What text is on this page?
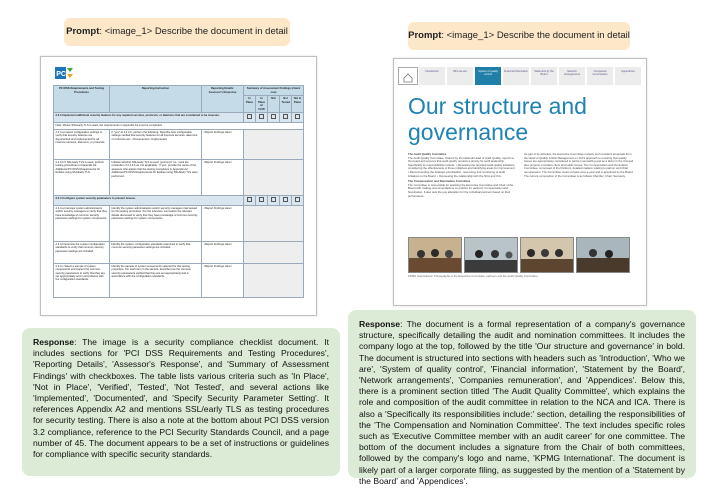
Prompt: <image_1> Describe the document in detail
PCI
PCI DSS Requirements and Testing Procedures	Reporting Instruction	Reporting Details: Assessor's Response	Summary of Assessment Findings (check one)				
			In Place	In Place w/ CCW	N/A	Not Tested	Not in Place
2.2.3 Implement additional security features for any required services, protocols, or daemons that are considered to be insecure.							
Note: Where SSL/early TLS is used, the requirements in Appendix A2 must be completed.							
2.2.3.a Inspect configuration settings to verify that security features are documented and implemented for all insecure services, daemons, or protocols.	If "yes" at 2.2.2.b, perform the following: Describe how configuration settings verified that security features for all insecure services, daemons, or protocols are: • Documented • Implemented	<Report Findings Here>					
2.2.3.b If SSL/early TLS is used, perform testing procedures in Appendix A2: Additional PCI DSS Requirements for Entities using SSL/Early TLS.	Indicate whether SSL/early TLS is used. (yes/no) If 'no,' mark the remainder of 2.2.3.b as 'not applicable.' If 'yes', provide the name of the assessor who attests that the testing procedures in Appendix A2: Additional PCI DSS Requirements for Entities using SSL/Early TLS were performed.	<Report Findings Here>					
2.2.4 Configure system security parameters to prevent misuse.							
2.2.4.a Interview system administrators and/or security managers to verify that they have knowledge of common security parameter settings for system components.	Identify the system administrators and/or security managers interviewed for this testing procedure. For the interview, summarize the relevant details discussed to verify that they have knowledge of common security parameter settings for system components.	<Report Findings Here>					
2.2.4.b Examine the system configuration standards to verify that common security parameter settings are included.	Identify the system configuration standards examined to verify that common security parameter settings are included.	<Report Findings Here>					
2.2.4.c Select a sample of system components and inspect the common security parameters to verify that they are set appropriately and in accordance with the configuration standards.	Identify the sample of system components selected for this testing procedure. For each item in the sample, describe how the common security parameters verified that they are set appropriately and in accordance with the configuration standards.	<Report Findings Here>					
Response: The image is a security compliance checklist document. It includes sections for 'PCI DSS Requirements and Testing Procedures', 'Reporting Details', 'Assessor's Response', and 'Summary of Assessment Findings' with checkboxes. The table lists various criteria such as 'In Place', 'Not in Place', 'Verified', 'Tested', 'Not Tested', and several actions like 'Implemented', 'Documented', and 'Specify Security Parameter Setting'. It references Appendix A2 and mentions SSL/early TLS as testing procedures for security testing. There is also a note at the bottom about PCI DSS version 3.2 compliance, reference to the PCI Security Standards Council, and a page number of 45. The document appears to be a set of instructions or guidelines for compliance with specific security standards.
Prompt: <image_1> Describe the document in detail
Introduction	Who we are	System of quality control
Financial information	Statement by the Board
Network arrangements
Companies remuneration
Appendices
Our structure and
governance
The Audit Quality Committee
The Audit Quality Committee, chaired by the National Head of Audit Quality, reports to the board and ensures that audit quality remains a priority for audit leadership. Specifically its responsibilities include: • Reviewing the principal audit quality initiatives, considering the effectiveness of those initiatives and identifying areas for improvement. • Recommending the strategic prioritisation, resourcing and monitoring of audit initiatives to the Board. • Overseeing the relationship with the NCA and ICA.
The Compensation and Nomination Committee
The Committee is responsible for assisting the Executive Committee and Chair of the Board with making recommendations on policies for partners' Compensation and Nomination. It also sets the pay allocation for the individual partners based on their performance.
As part of its activities, the Executive Committee reviews and considers proposals from the Head of Quality & Risk Management on ICA's approach to ensuring that quality issues are appropriately considered in partner counselling and as a factor in the ICA and also properly considers client and public issues. The Compensation and Nomination Committee, composed of the Partners, detailed matters relating to partner and Chair remuneration. The Committee meets at least once a year and is appointed by the Board. The current composition of the Committee is as follows: Member, Chair, Secretary.
KPMG International: Photographs of the Executive Committee, partners and the Audit Quality Committee.
Response: The document is a formal representation of a company's governance structure, specifically detailing the audit and nomination committees. It includes the company logo at the top, followed by the title 'Our structure and governance' in bold. The document is structured into sections with headers such as 'Introduction', 'Who we are', 'System of quality control', 'Financial information', 'Statement by the Board', 'Network arrangements', 'Companies remuneration', and 'Appendices'. Below this, there is a prominent section titled 'The Audit Quality Committee', which explains the role and composition of the audit committee in relation to the NCA and ICA. There is also a 'Specifically its responsibilities include:' section, detailing the responsibilities of the 'The Compensation and Nomination Committee'. The text includes specific roles such as 'Executive Committee member with an audit career' for one committee. The bottom of the document includes a signature from the Chair of both committees, followed by the company's logo and name, 'KPMG International'. The document is likely part of a larger corporate filing, as suggested by the mention of a 'Statement by the Board' and 'Appendices'.
